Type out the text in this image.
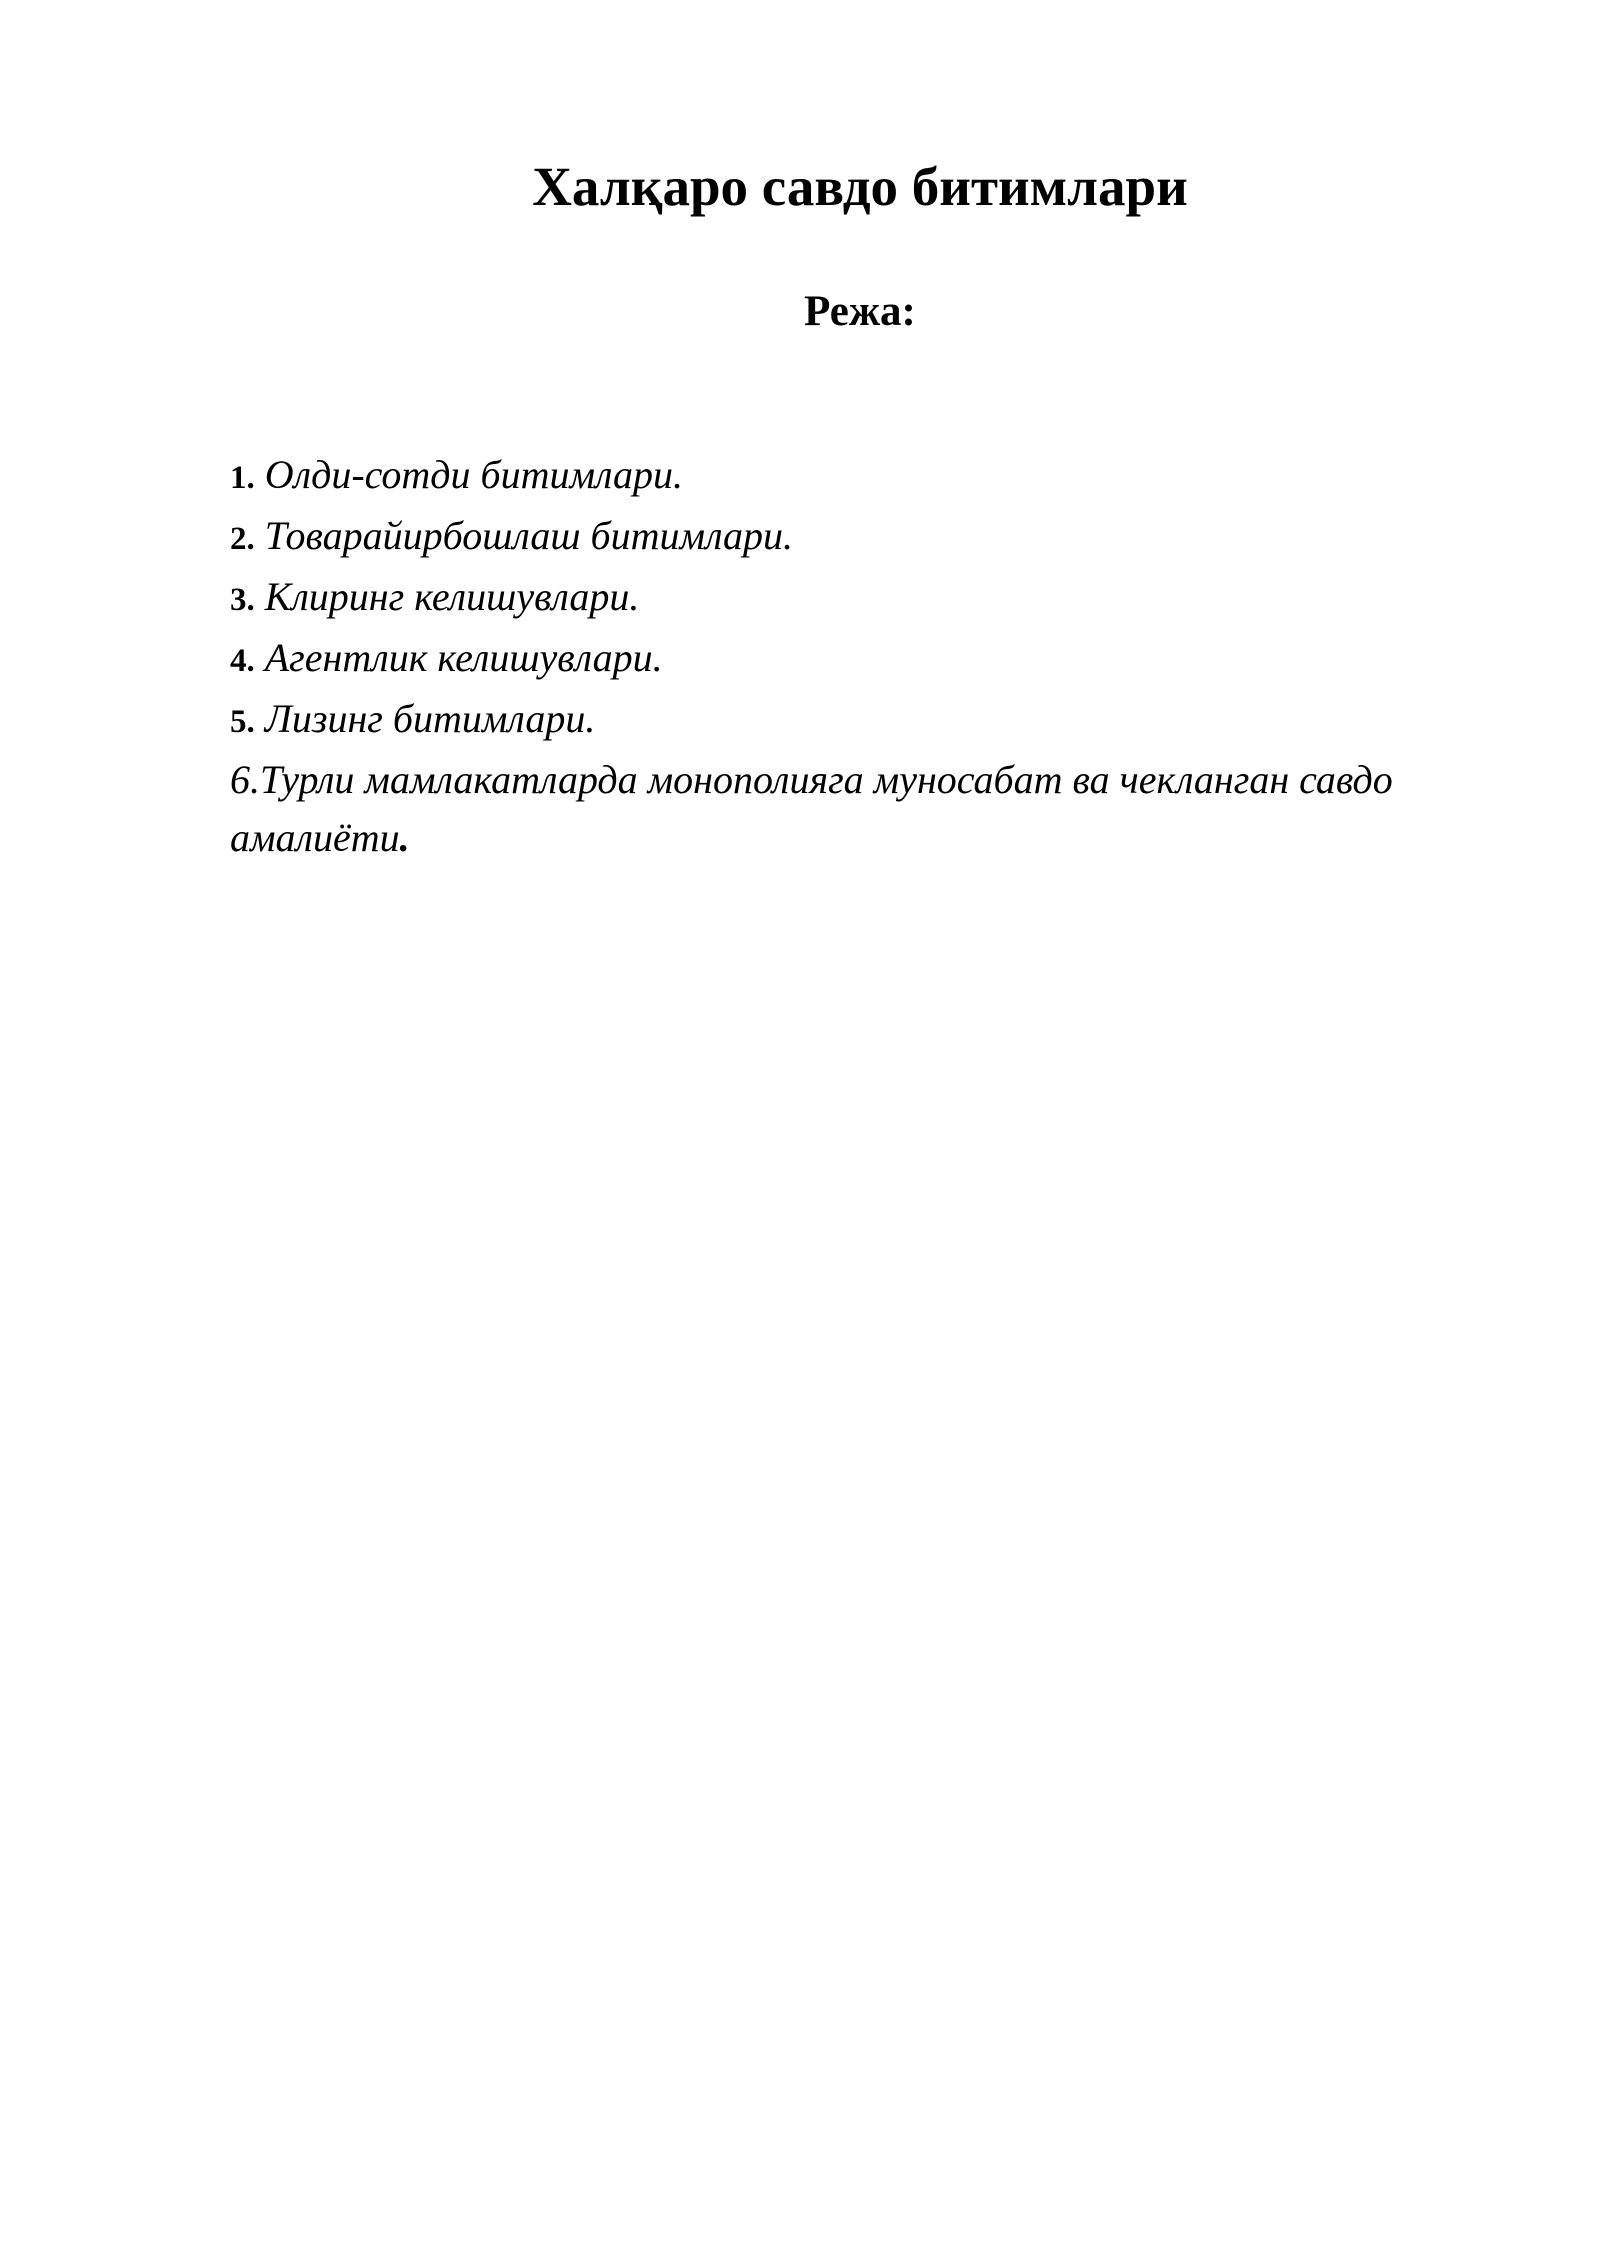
Халқаро савдо битимлари
Режа:
1. Олди-сотди битимлари.
2. Товарайирбошлаш битимлари.
3. Клиринг келишувлари.
4. Агентлик келишувлари.
5. Лизинг битимлари.
6.Турли мамлакатларда монополияга муносабат ва чекланган савдо амалиёти.
